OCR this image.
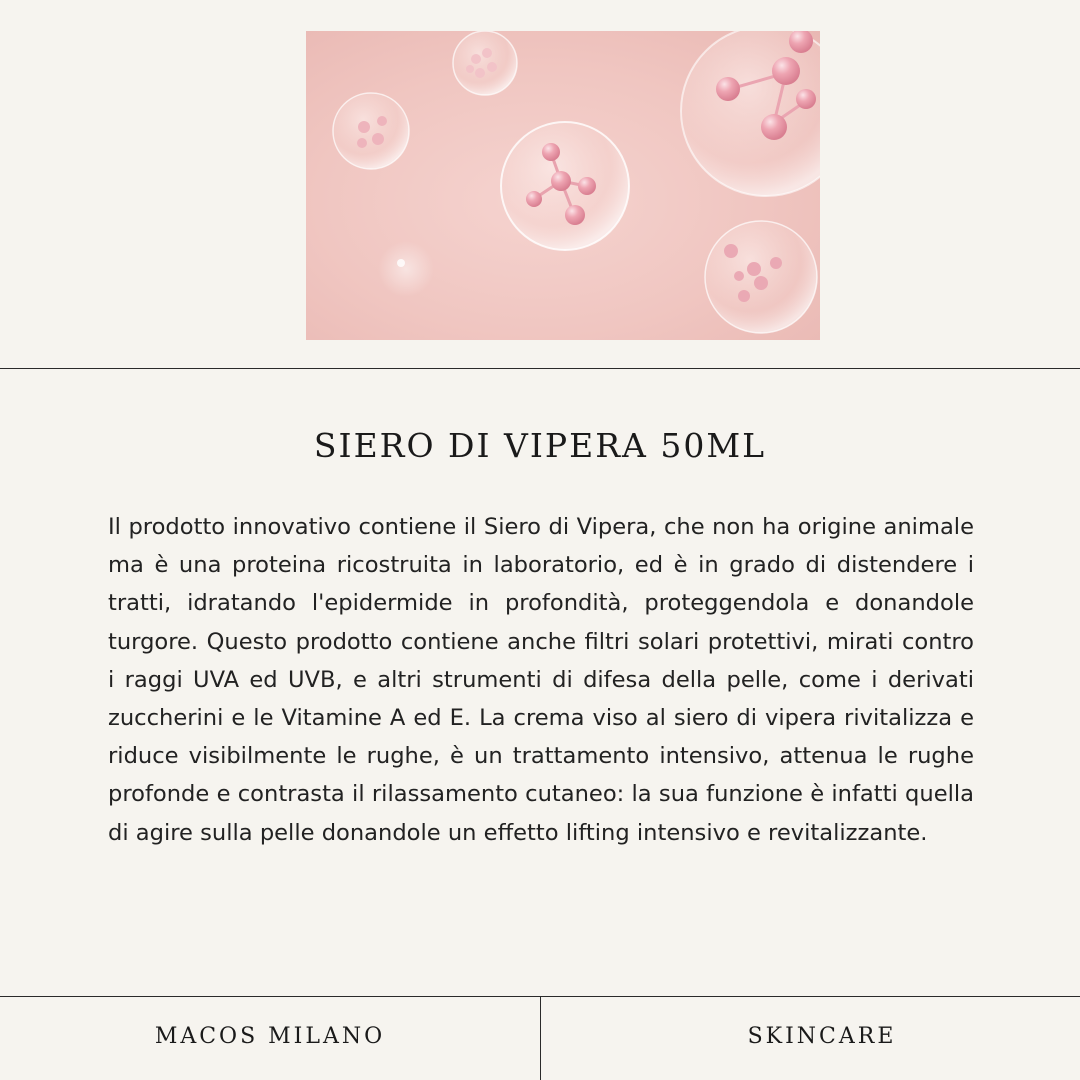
SIERO DI VIPERA 50ML

Il prodotto innovativo contiene il Siero di Vipera, che non ha origine animale ma è una proteina ricostruita in laboratorio, ed è in grado di distendere i tratti, idratando l'epidermide in profondità, proteggendola e donandole turgore. Questo prodotto contiene anche filtri solari protettivi, mirati contro i raggi UVA ed UVB, e altri strumenti di difesa della pelle, come i derivati zuccherini e le Vitamine A ed E. La crema viso al siero di vipera rivitalizza e riduce visibilmente le rughe, è un trattamento intensivo, attenua le rughe profonde e contrasta il rilassamento cutaneo: la sua funzione è infatti quella di agire sulla pelle donandole un effetto lifting intensivo e revitalizzante.

MACOS MILANO	SKINCARE
